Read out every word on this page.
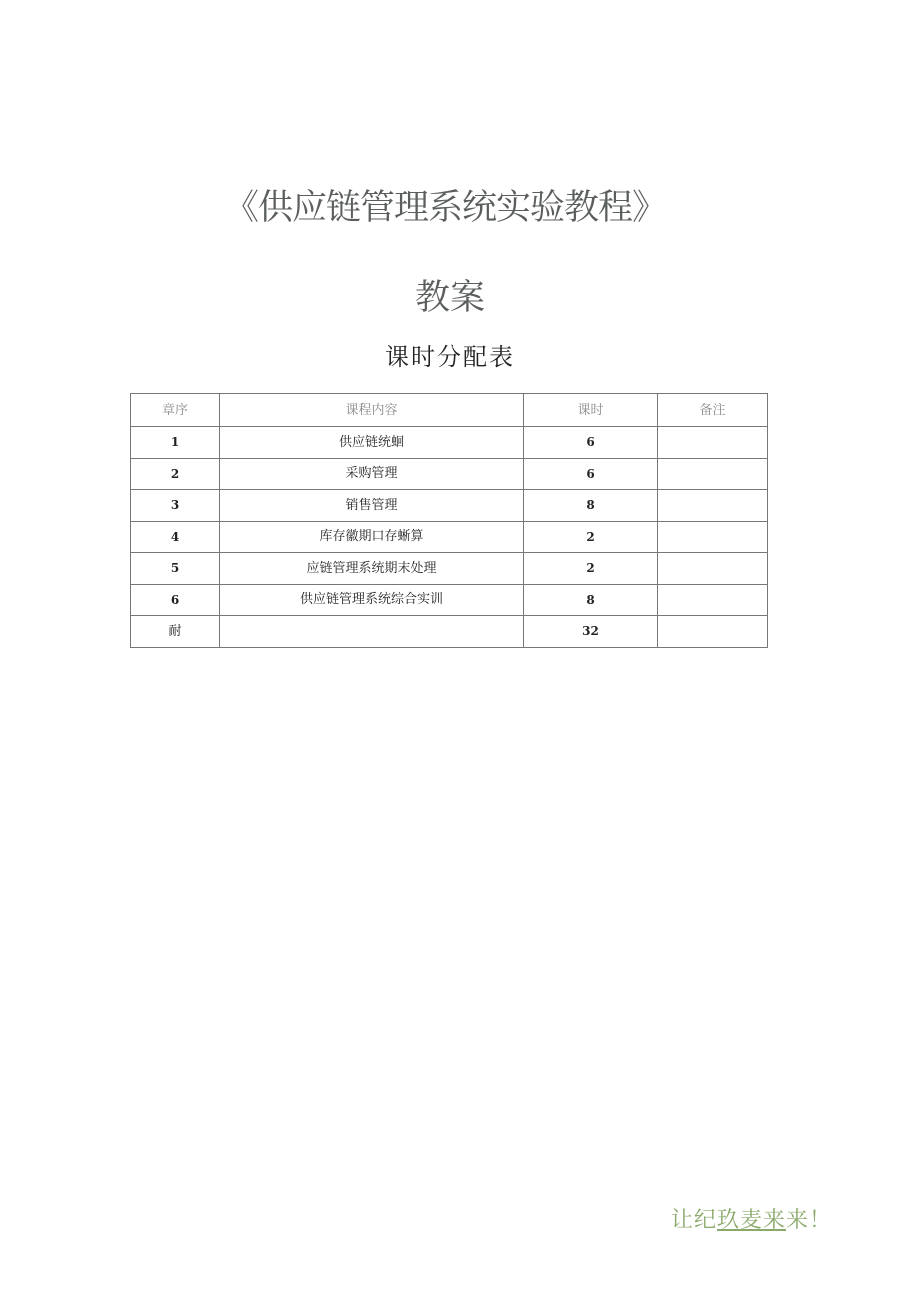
《供应链管理系统实验教程》
教案
课时分配表
章序	课程内容	课时	备注
1	供应链统蛔	6	
2	采购管理	6	
3	销售管理	8	
4	库存徽期口存蜥算	2	
5	应链管理系统期末处理	2	
6	供应链管理系统综合实训	8	
耐		32	
让纪玖麦来来！
